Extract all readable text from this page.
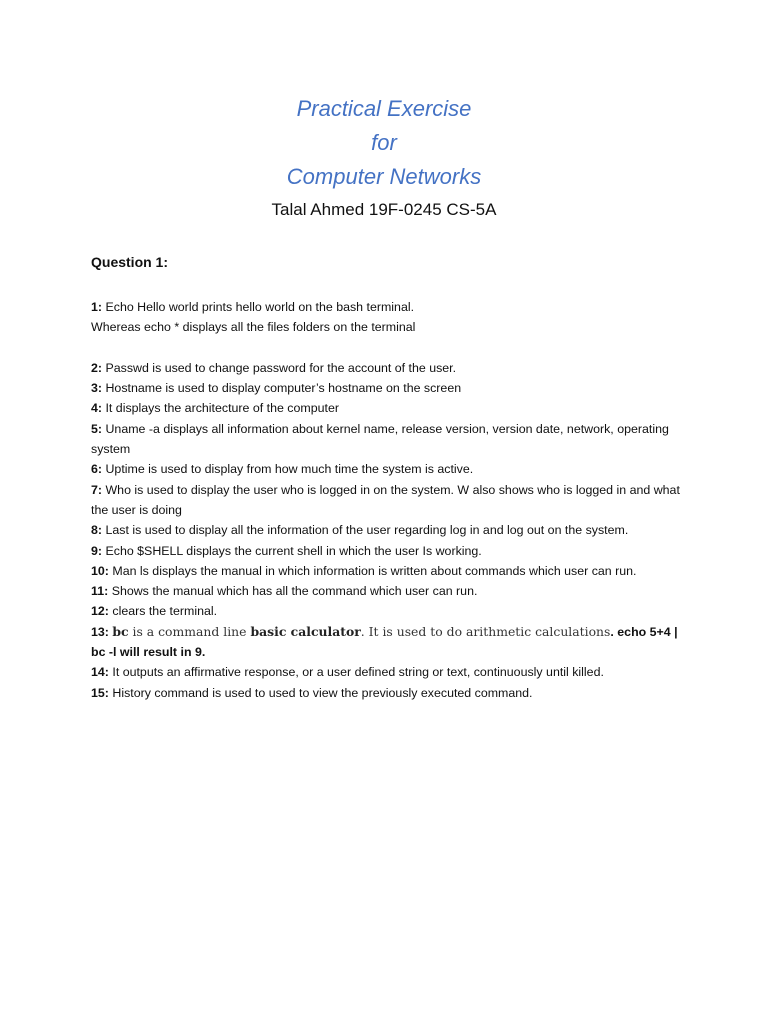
Practical Exercise
for
Computer Networks
Talal Ahmed 19F-0245 CS-5A
Question 1:

1: Echo Hello world prints hello world on the bash terminal.

Whereas echo * displays all the files folders on the terminal

2: Passwd is used to change password for the account of the user.

3: Hostname is used to display computer’s hostname on the screen

4: It displays the architecture of the computer

5: Uname -a displays all information about kernel name, release version, version date, network, operating system

6: Uptime is used to display from how much time the system is active.

7: Who is used to display the user who is logged in on the system. W also shows who is logged in and what the user is doing

8: Last is used to display all the information of the user regarding log in and log out on the system.

9: Echo $SHELL displays the current shell in which the user Is working.

10: Man ls displays the manual in which information is written about commands which user can run.

11: Shows the manual which has all the command which user can run.

12: clears the terminal.

13: bc is a command line basic calculator. It is used to do arithmetic calculations. echo 5+4 | bc -l will result in 9.

14: It outputs an affirmative response, or a user defined string or text, continuously until killed.

15: History command is used to used to view the previously executed command.
